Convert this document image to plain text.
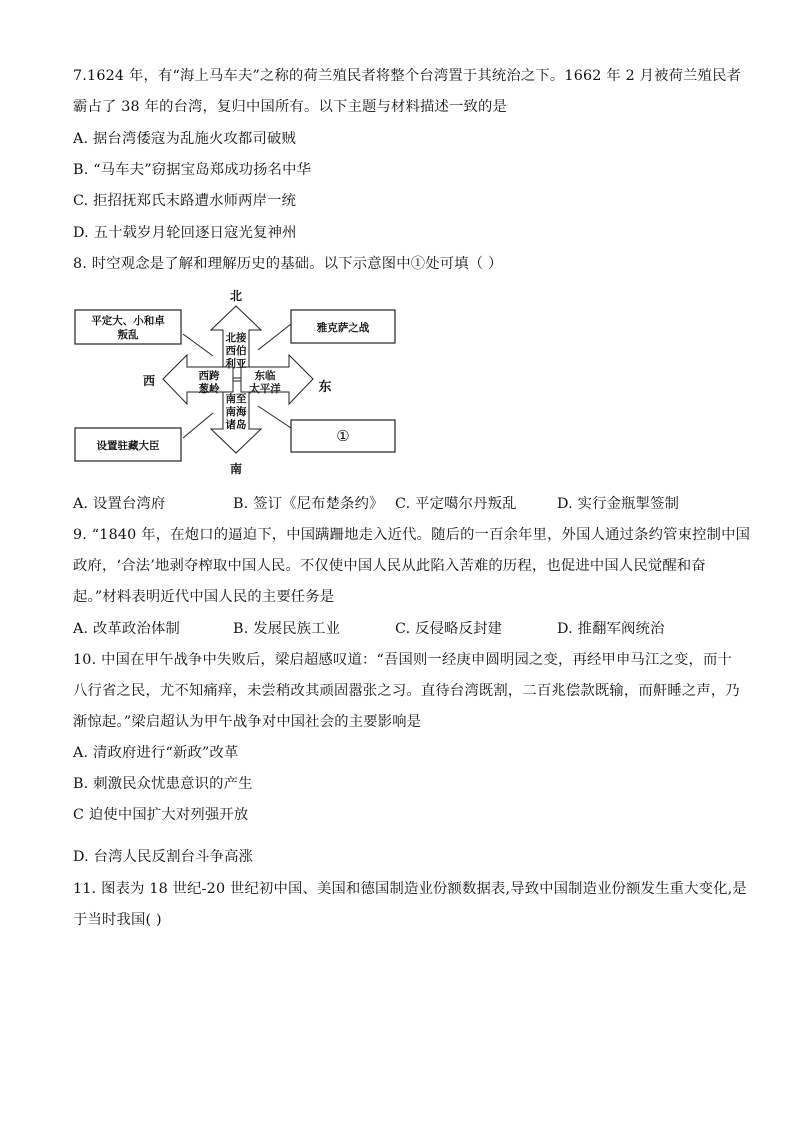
7.1624 年，有“海上马车夫”之称的荷兰殖民者将整个台湾置于其统治之下。1662 年 2 月被荷兰殖民者
霸占了 38 年的台湾，复归中国所有。以下主题与材料描述一致的是
A. 据台湾倭寇为乱施火攻都司破贼
B. “马车夫”窃据宝岛郑成功扬名中华
C. 拒招抚郑氏末路遭水师两岸一统
D. 五十载岁月轮回逐日寇光复神州
8. 时空观念是了解和理解历史的基础。以下示意图中①处可填（ ）
北
南
西	东
北接
西伯
利亚
西跨
葱岭
东临
太平洋
南至
南海
诸岛
平定大、小和卓
叛乱
雅克萨之战
设置驻藏大臣
①
A. 设置台湾府	B. 签订《尼布楚条约》 C. 平定噶尔丹叛乱	D. 实行金瓶掣签制
9. “1840 年，在炮口的逼迫下，中国蹒跚地走入近代。随后的一百余年里，外国人通过条约管束控制中国
政府，‘合法’地剥夺榨取中国人民。不仅使中国人民从此陷入苦难的历程，也促进中国人民觉醒和奋
起。”材料表明近代中国人民的主要任务是
A. 改革政治体制	B. 发展民族工业	C. 反侵略反封建	D. 推翻军阀统治
10. 中国在甲午战争中失败后，梁启超感叹道：“吾国则一经庚申圆明园之变，再经甲申马江之变，而十
八行省之民，尤不知痛痒，未尝稍改其顽固嚣张之习。直待台湾既割，二百兆偿款既输，而鼾睡之声，乃
渐惊起。”梁启超认为甲午战争对中国社会的主要影响是
A. 清政府进行“新政”改革
B. 刺激民众忧患意识的产生
C 迫使中国扩大对列强开放
D. 台湾人民反割台斗争高涨
11. 图表为 18 世纪-20 世纪初中国、美国和德国制造业份额数据表,导致中国制造业份额发生重大变化,是
于当时我国( )
